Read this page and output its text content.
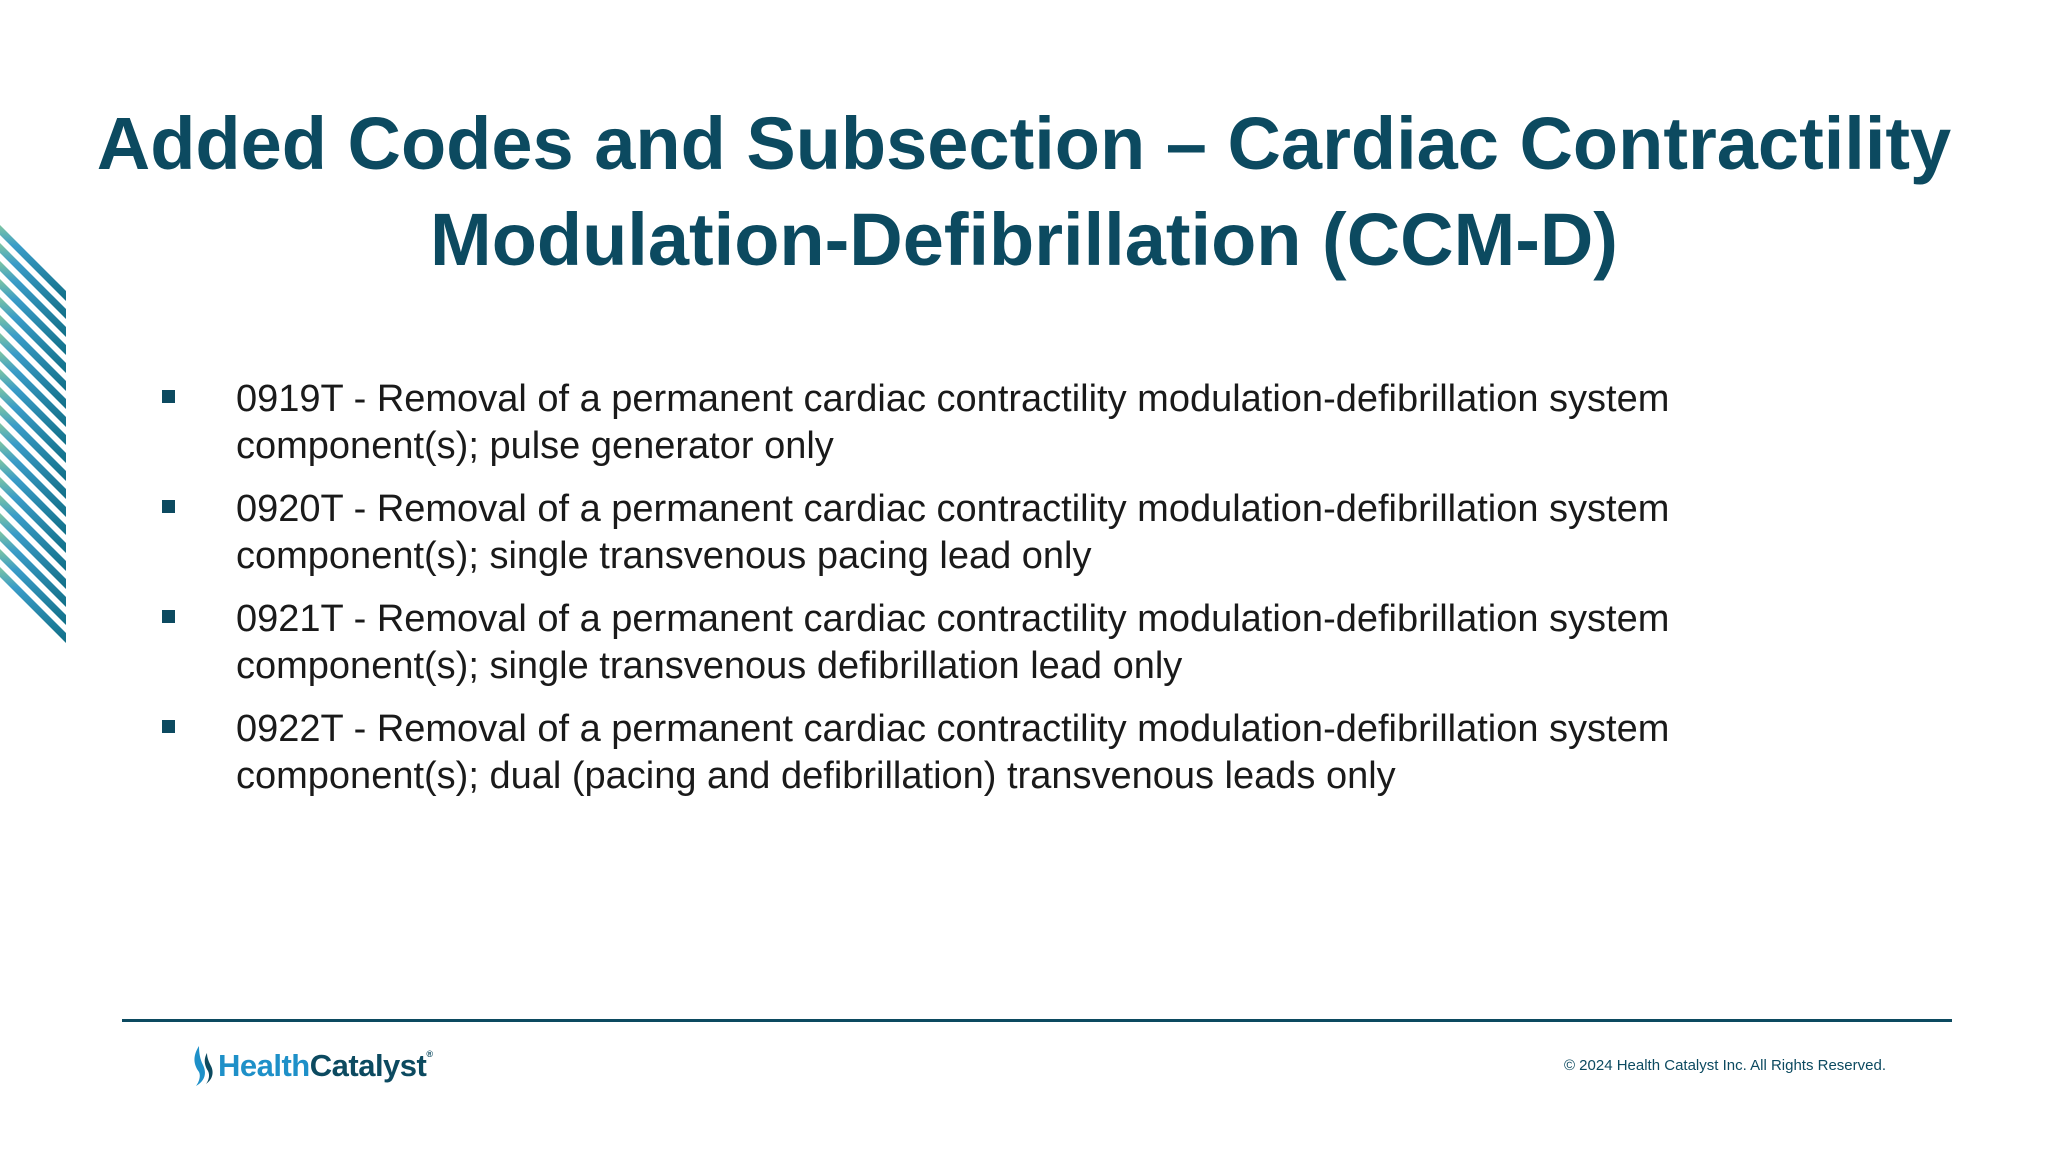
Added Codes and Subsection – Cardiac Contractility
Modulation-Defibrillation (CCM-D)
0919T - Removal of a permanent cardiac contractility modulation-defibrillation system component(s); pulse generator only
0920T - Removal of a permanent cardiac contractility modulation-defibrillation system component(s); single transvenous pacing lead only
0921T - Removal of a permanent cardiac contractility modulation-defibrillation system component(s); single transvenous defibrillation lead only
0922T - Removal of a permanent cardiac contractility modulation-defibrillation system component(s); dual (pacing and defibrillation) transvenous leads only
HealthCatalyst®
© 2024 Health Catalyst Inc. All Rights Reserved.
